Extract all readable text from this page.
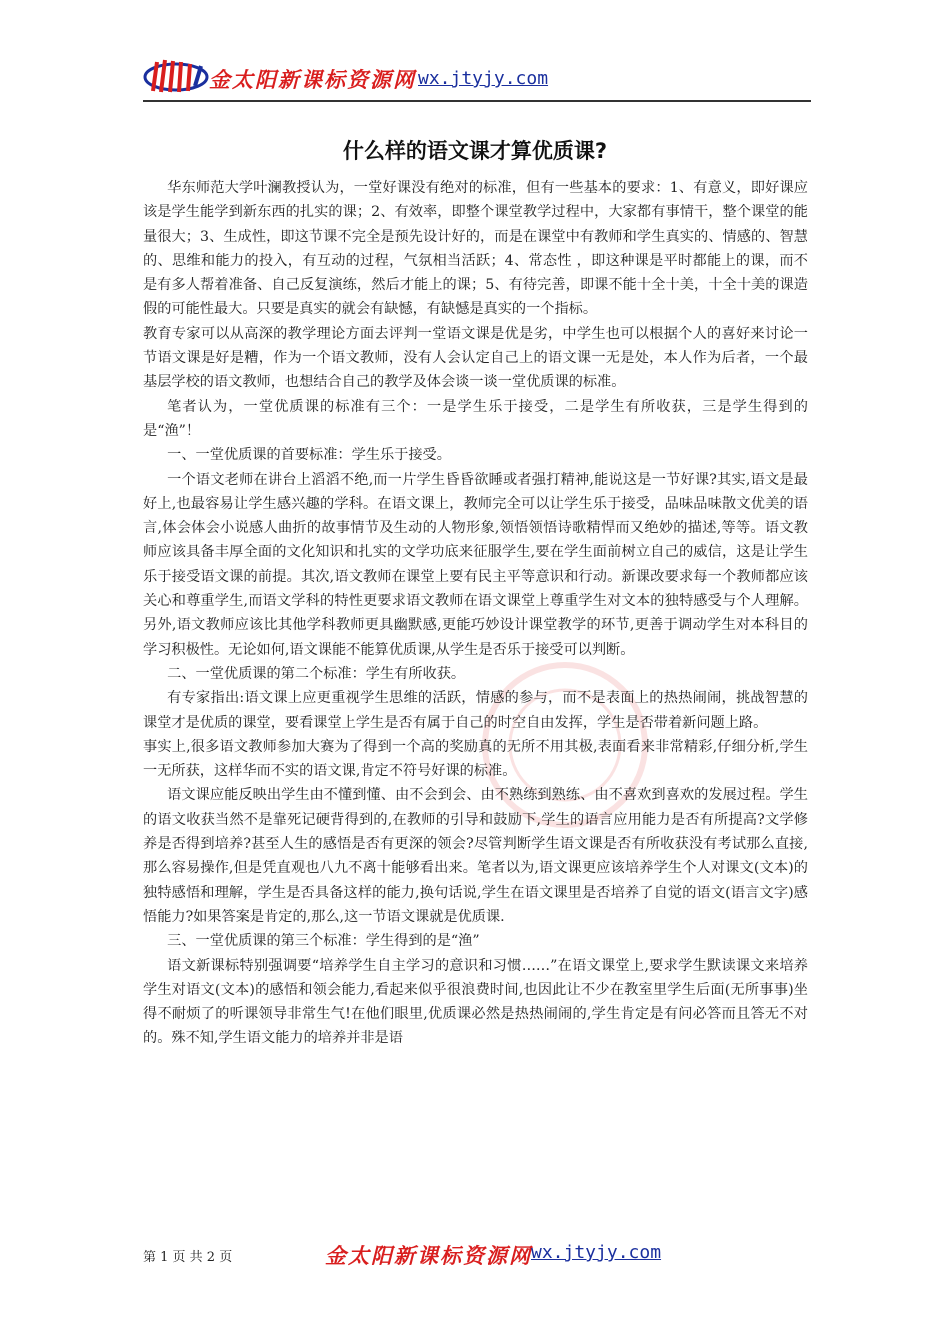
金太阳新课标资源网 wx.jtyjy.com
什么样的语文课才算优质课?

华东师范大学叶澜教授认为，一堂好课没有绝对的标准，但有一些基本的要求：1、有意义，即好课应该是学生能学到新东西的扎实的课；2、有效率，即整个课堂教学过程中，大家都有事情干，整个课堂的能量很大；3、生成性，即这节课不完全是预先设计好的，而是在课堂中有教师和学生真实的、情感的、智慧的、思维和能力的投入，有互动的过程，气氛相当活跃；4、常态性 ，即这种课是平时都能上的课，而不是有多人帮着准备、自己反复演练，然后才能上的课；5、有待完善，即课不能十全十美，十全十美的课造假的可能性最大。只要是真实的就会有缺憾，有缺憾是真实的一个指标。

教育专家可以从高深的教学理论方面去评判一堂语文课是优是劣，中学生也可以根据个人的喜好来讨论一节语文课是好是糟，作为一个语文教师，没有人会认定自己上的语文课一无是处，本人作为后者，一个最基层学校的语文教师，也想结合自己的教学及体会谈一谈一堂优质课的标准。

笔者认为，一堂优质课的标准有三个：一是学生乐于接受，二是学生有所收获，三是学生得到的是“渔”！

一、一堂优质课的首要标准：学生乐于接受。

一个语文老师在讲台上滔滔不绝,而一片学生昏昏欲睡或者强打精神,能说这是一节好课?其实,语文是最好上,也最容易让学生感兴趣的学科。在语文课上，教师完全可以让学生乐于接受，品味品味散文优美的语言,体会体会小说感人曲折的故事情节及生动的人物形象,领悟领悟诗歌精悍而又绝妙的描述,等等。语文教师应该具备丰厚全面的文化知识和扎实的文学功底来征服学生,要在学生面前树立自己的威信，这是让学生乐于接受语文课的前提。其次,语文教师在课堂上要有民主平等意识和行动。新课改要求每一个教师都应该关心和尊重学生,而语文学科的特性更要求语文教师在语文课堂上尊重学生对文本的独特感受与个人理解。另外,语文教师应该比其他学科教师更具幽默感,更能巧妙设计课堂教学的环节,更善于调动学生对本科目的学习积极性。无论如何,语文课能不能算优质课,从学生是否乐于接受可以判断。

二、一堂优质课的第二个标准：学生有所收获。

有专家指出:语文课上应更重视学生思维的活跃，情感的参与，而不是表面上的热热闹闹，挑战智慧的课堂才是优质的课堂，要看课堂上学生是否有属于自己的时空自由发挥，学生是否带着新问题上路。

事实上,很多语文教师参加大赛为了得到一个高的奖励真的无所不用其极,表面看来非常精彩,仔细分析,学生一无所获，这样华而不实的语文课,肯定不符号好课的标准。

语文课应能反映出学生由不懂到懂、由不会到会、由不熟练到熟练、由不喜欢到喜欢的发展过程。学生的语文收获当然不是靠死记硬背得到的,在教师的引导和鼓励下,学生的语言应用能力是否有所提高?文学修养是否得到培养?甚至人生的感悟是否有更深的领会?尽管判断学生语文课是否有所收获没有考试那么直接,那么容易操作,但是凭直观也八九不离十能够看出来。笔者以为,语文课更应该培养学生个人对课文(文本)的独特感悟和理解，学生是否具备这样的能力,换句话说,学生在语文课里是否培养了自觉的语文(语言文字)感悟能力?如果答案是肯定的,那么,这一节语文课就是优质课.

三、一堂优质课的第三个标准：学生得到的是“渔”

语文新课标特别强调要“培养学生自主学习的意识和习惯……”在语文课堂上,要求学生默读课文来培养学生对语文(文本)的感悟和领会能力,看起来似乎很浪费时间,也因此让不少在教室里学生后面(无所事事)坐得不耐烦了的听课领导非常生气!在他们眼里,优质课必然是热热闹闹的,学生肯定是有问必答而且答无不对的。殊不知,学生语文能力的培养并非是语

第 1 页 共 2 页	金太阳新课标资源网 wx.jtyjy.com
